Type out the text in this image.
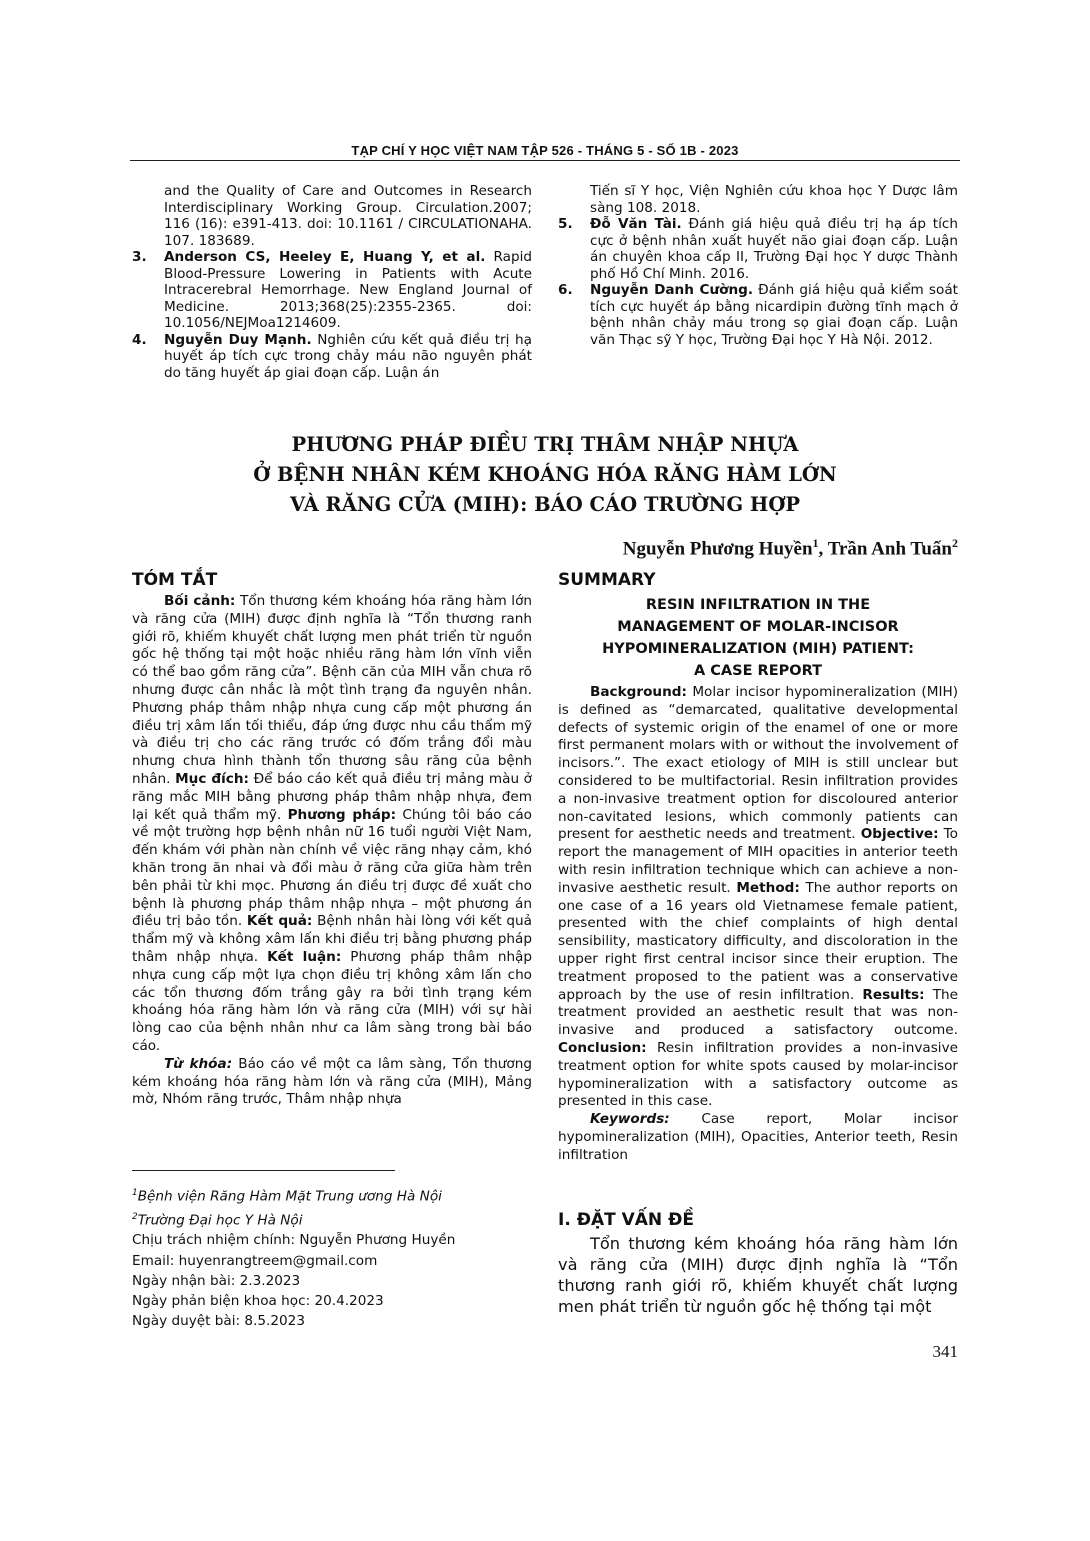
TẠP CHÍ Y HỌC VIỆT NAM TẬP 526 - THÁNG 5 - SỐ 1B - 2023
and the Quality of Care and Outcomes in Research Interdisciplinary Working Group. Circulation.2007; 116 (16): e391-413. doi: 10.1161 / CIRCULATIONAHA. 107. 183689.
3. Anderson CS, Heeley E, Huang Y, et al. Rapid Blood-Pressure Lowering in Patients with Acute Intracerebral Hemorrhage. New England Journal of Medicine. 2013;368(25):2355-2365. doi: 10.1056/NEJMoa1214609.
4. Nguyễn Duy Mạnh. Nghiên cứu kết quả điều trị hạ huyết áp tích cực trong chảy máu não nguyên phát do tăng huyết áp giai đoạn cấp. Luận án
Tiến sĩ Y học, Viện Nghiên cứu khoa học Y Dược lâm sàng 108. 2018.
5. Đỗ Văn Tài. Đánh giá hiệu quả điều trị hạ áp tích cực ở bệnh nhân xuất huyết não giai đoạn cấp. Luận án chuyên khoa cấp II, Trường Đại học Y dược Thành phố Hồ Chí Minh. 2016.
6. Nguyễn Danh Cường. Đánh giá hiệu quả kiểm soát tích cực huyết áp bằng nicardipin đường tĩnh mạch ở bệnh nhân chảy máu trong sọ giai đoạn cấp. Luận văn Thạc sỹ Y học, Trường Đại học Y Hà Nội. 2012.
PHƯƠNG PHÁP ĐIỀU TRỊ THÂM NHẬP NHỰA
Ở BỆNH NHÂN KÉM KHOÁNG HÓA RĂNG HÀM LỚN
VÀ RĂNG CỬA (MIH): BÁO CÁO TRƯỜNG HỢP
Nguyễn Phương Huyền$^1$, Trần Anh Tuấn$^2$
TÓM TẮT

Bối cảnh: Tổn thương kém khoáng hóa răng hàm lớn và răng cửa (MIH) được định nghĩa là “Tổn thương ranh giới rõ, khiếm khuyết chất lượng men phát triển từ nguồn gốc hệ thống tại một hoặc nhiều răng hàm lớn vĩnh viễn có thể bao gồm răng cửa”. Bệnh căn của MIH vẫn chưa rõ nhưng được cân nhắc là một tình trạng đa nguyên nhân. Phương pháp thâm nhập nhựa cung cấp một phương án điều trị xâm lấn tối thiểu, đáp ứng được nhu cầu thẩm mỹ và điều trị cho các răng trước có đốm trắng đổi màu nhưng chưa hình thành tổn thương sâu răng của bệnh nhân. Mục đích: Để báo cáo kết quả điều trị mảng màu ở răng mắc MIH bằng phương pháp thâm nhập nhựa, đem lại kết quả thẩm mỹ. Phương pháp: Chúng tôi báo cáo về một trường hợp bệnh nhân nữ 16 tuổi người Việt Nam, đến khám với phàn nàn chính về việc răng nhạy cảm, khó khăn trong ăn nhai và đổi màu ở răng cửa giữa hàm trên bên phải từ khi mọc. Phương án điều trị được đề xuất cho bệnh là phương pháp thâm nhập nhựa – một phương án điều trị bảo tồn. Kết quả: Bệnh nhân hài lòng với kết quả thẩm mỹ và không xâm lấn khi điều trị bằng phương pháp thâm nhập nhựa. Kết luận: Phương pháp thâm nhập nhựa cung cấp một lựa chọn điều trị không xâm lấn cho các tổn thương đốm trắng gây ra bởi tình trạng kém khoáng hóa răng hàm lớn và răng cửa (MIH) với sự hài lòng cao của bệnh nhân như ca lâm sàng trong bài báo cáo.

Từ khóa: Báo cáo về một ca lâm sàng, Tổn thương kém khoáng hóa răng hàm lớn và răng cửa (MIH), Mảng mờ, Nhóm răng trước, Thâm nhập nhựa

$^1$Bệnh viện Răng Hàm Mặt Trung ương Hà Nội
$^2$Trường Đại học Y Hà Nội
Chịu trách nhiệm chính: Nguyễn Phương Huyền
Email: huyenrangtreem@gmail.com
Ngày nhận bài: 2.3.2023
Ngày phản biện khoa học: 20.4.2023
Ngày duyệt bài: 8.5.2023
SUMMARY
RESIN INFILTRATION IN THE
MANAGEMENT OF MOLAR-INCISOR
HYPOMINERALIZATION (MIH) PATIENT:
A CASE REPORT

Background: Molar incisor hypomineralization (MIH) is defined as “demarcated, qualitative developmental defects of systemic origin of the enamel of one or more first permanent molars with or without the involvement of incisors.”. The exact etiology of MIH is still unclear but considered to be multifactorial. Resin infiltration provides a non-invasive treatment option for discoloured anterior non-cavitated lesions, which commonly patients can present for aesthetic needs and treatment. Objective: To report the management of MIH opacities in anterior teeth with resin infiltration technique which can achieve a non-invasive aesthetic result. Method: The author reports on one case of a 16 years old Vietnamese female patient, presented with the chief complaints of high dental sensibility, masticatory difficulty, and discoloration in the upper right first central incisor since their eruption. The treatment proposed to the patient was a conservative approach by the use of resin infiltration. Results: The treatment provided an aesthetic result that was non-invasive and produced a satisfactory outcome. Conclusion: Resin infiltration provides a non-invasive treatment option for white spots caused by molar-incisor hypomineralization with a satisfactory outcome as presented in this case.

Keywords: Case report, Molar incisor hypomineralization (MIH), Opacities, Anterior teeth, Resin infiltration

I. ĐẶT VẤN ĐỀ

Tổn thương kém khoáng hóa răng hàm lớn và răng cửa (MIH) được định nghĩa là “Tổn thương ranh giới rõ, khiếm khuyết chất lượng men phát triển từ nguồn gốc hệ thống tại một

341
